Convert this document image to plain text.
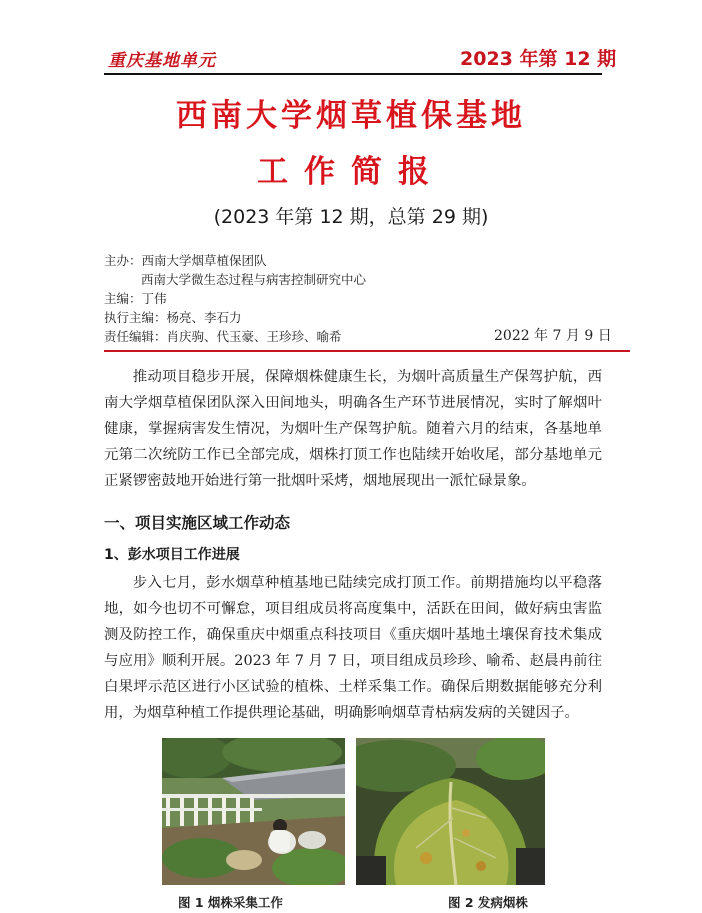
重庆基地单元	2023 年第 12 期
西南大学烟草植保基地
工作简报
(2023 年第 12 期，总第 29 期)
主办：西南大学烟草植保团队
西南大学微生态过程与病害控制研究中心
主编：丁伟
执行主编：杨亮、李石力
责任编辑：肖庆驹、代玉豪、王珍珍、喻希	2022 年 7 月 9 日

推动项目稳步开展，保障烟株健康生长，为烟叶高质量生产保驾护航，西南大学烟草植保团队深入田间地头，明确各生产环节进展情况，实时了解烟叶健康，掌握病害发生情况，为烟叶生产保驾护航。随着六月的结束，各基地单元第二次统防工作已全部完成，烟株打顶工作也陆续开始收尾，部分基地单元正紧锣密鼓地开始进行第一批烟叶采烤，烟地展现出一派忙碌景象。

一、项目实施区域工作动态
1、彭水项目工作进展

步入七月，彭水烟草种植基地已陆续完成打顶工作。前期措施均以平稳落地，如今也切不可懈怠，项目组成员将高度集中，活跃在田间，做好病虫害监测及防控工作，确保重庆中烟重点科技项目《重庆烟叶基地土壤保育技术集成与应用》顺利开展。2023 年 7 月 7 日，项目组成员珍珍、喻希、赵晨冉前往白果坪示范区进行小区试验的植株、土样采集工作。确保后期数据能够充分利用，为烟草种植工作提供理论基础，明确影响烟草青枯病发病的关键因子。

图 1 烟株采集工作	图 2 发病烟株
